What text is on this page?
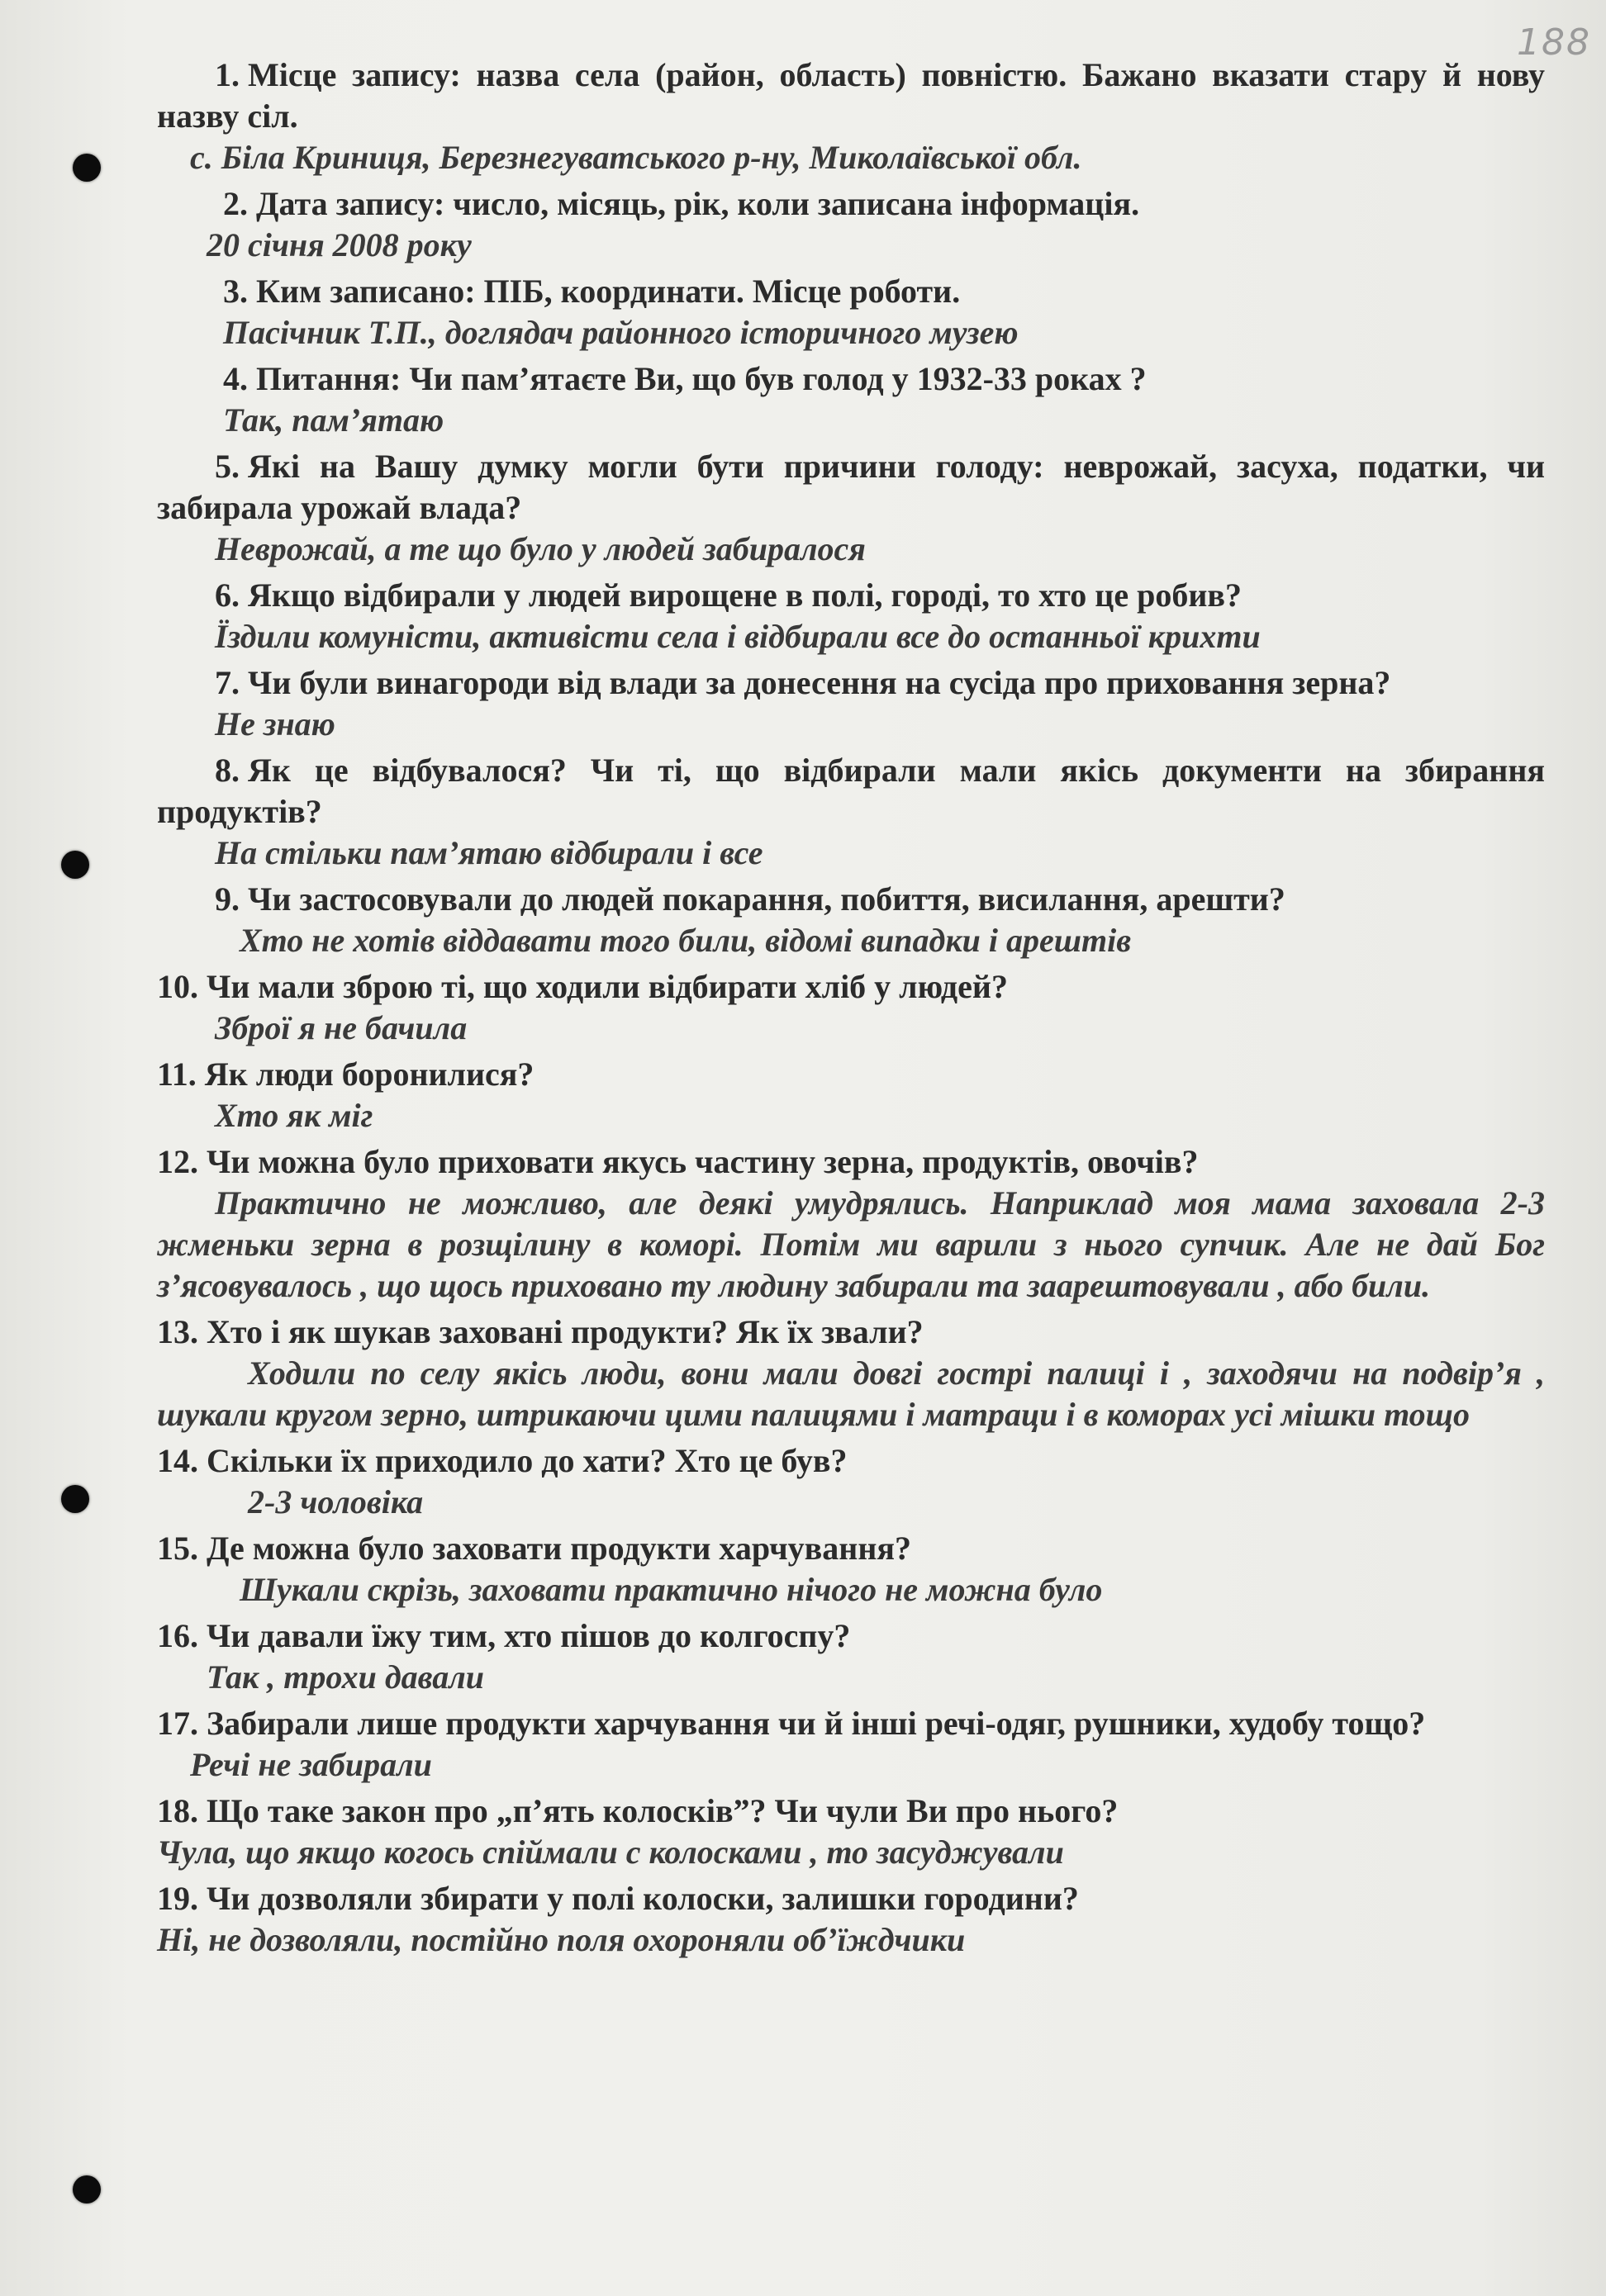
188
1. Місце запису: назва села (район, область) повністю. Бажано вказати стару й нову назву сіл.
с. Біла Криниця, Березнегуватського р-ну, Миколаївської обл.
2. Дата запису: число, місяць, рік, коли записана інформація.
20 січня 2008 року
3. Ким записано: ПІБ, координати. Місце роботи.
Пасічник Т.П., доглядач районного історичного музею
4. Питання: Чи пам’ятаєте Ви, що був голод у 1932-33 роках ?
Так, пам’ятаю
5. Які на Вашу думку могли бути причини голоду: неврожай, засуха, податки, чи забирала урожай влада?
Неврожай, а те що було у людей забиралося
6. Якщо відбирали у людей вирощене в полі, городі, то хто це робив?
Їздили комуністи, активісти села і відбирали все до останньої крихти
7. Чи були винагороди від влади за донесення на сусіда про приховання зерна?
Не знаю
8. Як це відбувалося? Чи ті, що відбирали мали якісь документи на збирання продуктів?
На стільки пам’ятаю відбирали і все
9. Чи застосовували до людей покарання, побиття, висилання, арешти?
Хто не хотів віддавати того били, відомі випадки і арештів
10. Чи мали зброю ті, що ходили відбирати хліб у людей?
Зброї я не бачила
11. Як люди боронилися?
Хто як міг
12. Чи можна було приховати якусь частину зерна, продуктів, овочів?
Практично не можливо, але деякі умудрялись. Наприклад моя мама заховала 2-3 жменьки зерна в розщілину в коморі. Потім ми варили з нього супчик. Але не дай Бог з’ясовувалось , що щось приховано ту людину забирали та заарештовували , або били.
13. Хто і як шукав заховані продукти? Як їх звали?
Ходили по селу якісь люди, вони мали довгі гострі палиці і , заходячи на подвір’я , шукали кругом зерно, штрикаючи цими палицями і матраци і в коморах усі мішки тощо
14. Скільки їх приходило до хати? Хто це був?
2-3 чоловіка
15. Де можна було заховати продукти харчування?
Шукали скрізь, заховати практично нічого не можна було
16. Чи давали їжу тим, хто пішов до колгоспу?
Так , трохи давали
17. Забирали лише продукти харчування чи й інші речі-одяг, рушники, худобу тощо?
Речі не забирали
18. Що таке закон про „п’ять колосків”? Чи чули Ви про нього?
Чула, що якщо когось спіймали с колосками , то засуджували
19. Чи дозволяли збирати у полі колоски, залишки городини?
Ні, не дозволяли, постійно поля охороняли об’їждчики
